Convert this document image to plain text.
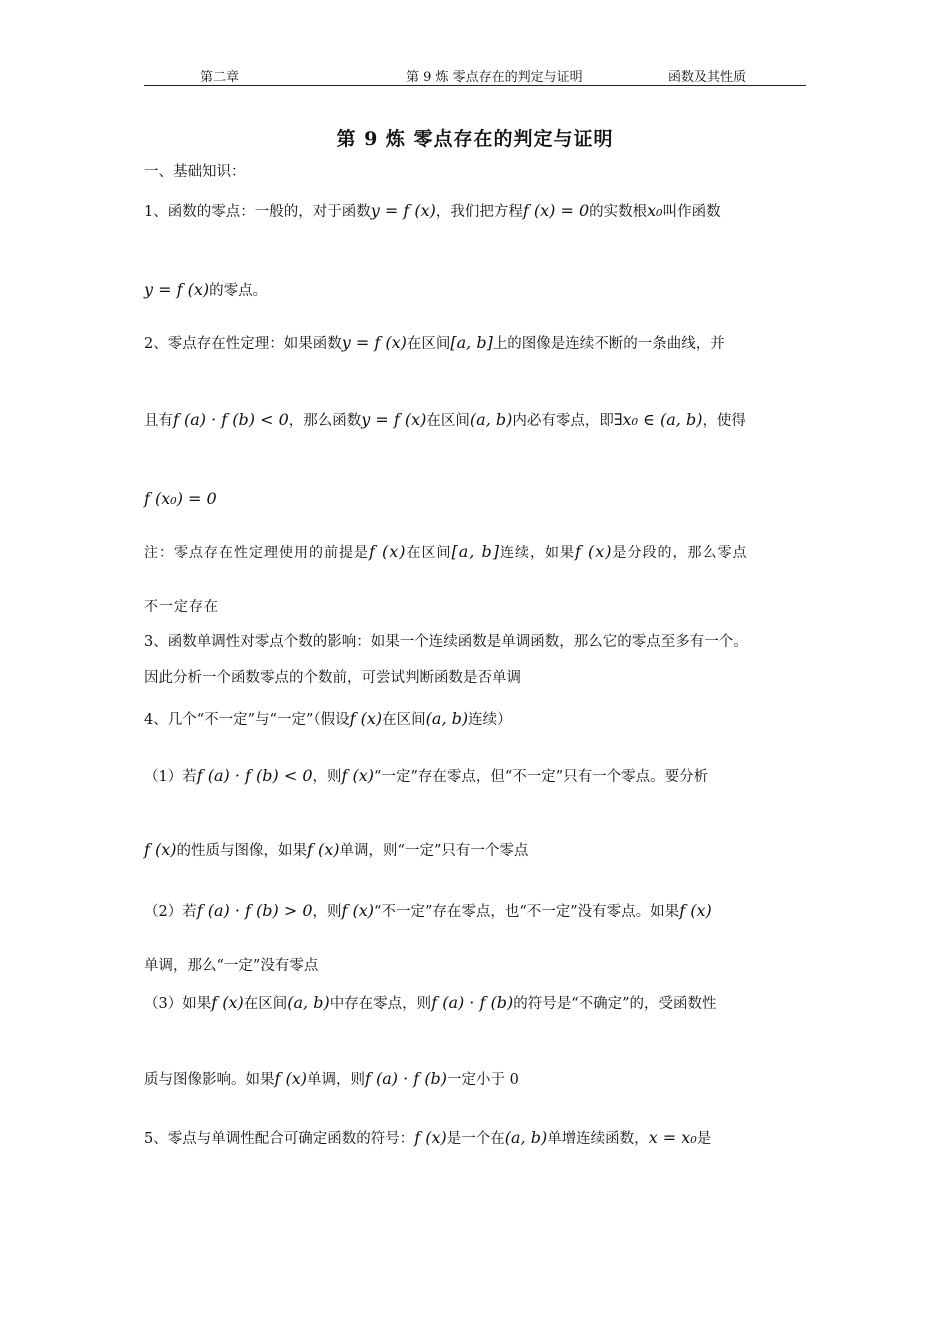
第二章	第 9 炼 零点存在的判定与证明	函数及其性质
第 9 炼 零点存在的判定与证明
一、基础知识：
1、函数的零点：一般的，对于函数y = f (x)，我们把方程f (x) = 0的实数根x₀叫作函数
y = f (x)的零点。
2、零点存在性定理：如果函数y = f (x)在区间[a, b]上的图像是连续不断的一条曲线，并
且有f (a) · f (b) < 0，那么函数y = f (x)在区间(a, b)内必有零点，即∃x₀ ∈ (a, b)，使得
f (x₀) = 0
注：零点存在性定理使用的前提是f (x)在区间[a, b]连续，如果f (x)是分段的，那么零点
不一定存在
3、函数单调性对零点个数的影响：如果一个连续函数是单调函数，那么它的零点至多有一个。
因此分析一个函数零点的个数前，可尝试判断函数是否单调
4、几个“不一定”与“一定”（假设f (x)在区间(a, b)连续）
（1）若f (a) · f (b) < 0，则f (x)“一定”存在零点，但“不一定”只有一个零点。要分析
f (x)的性质与图像，如果f (x)单调，则“一定”只有一个零点
（2）若f (a) · f (b) > 0，则f (x)“不一定”存在零点，也“不一定”没有零点。如果f (x)
单调，那么“一定”没有零点
（3）如果f (x)在区间(a, b)中存在零点，则f (a) · f (b)的符号是“不确定”的，受函数性
质与图像影响。如果f (x)单调，则f (a) · f (b)一定小于 0
5、零点与单调性配合可确定函数的符号：f (x)是一个在(a, b)单增连续函数，x = x₀是
